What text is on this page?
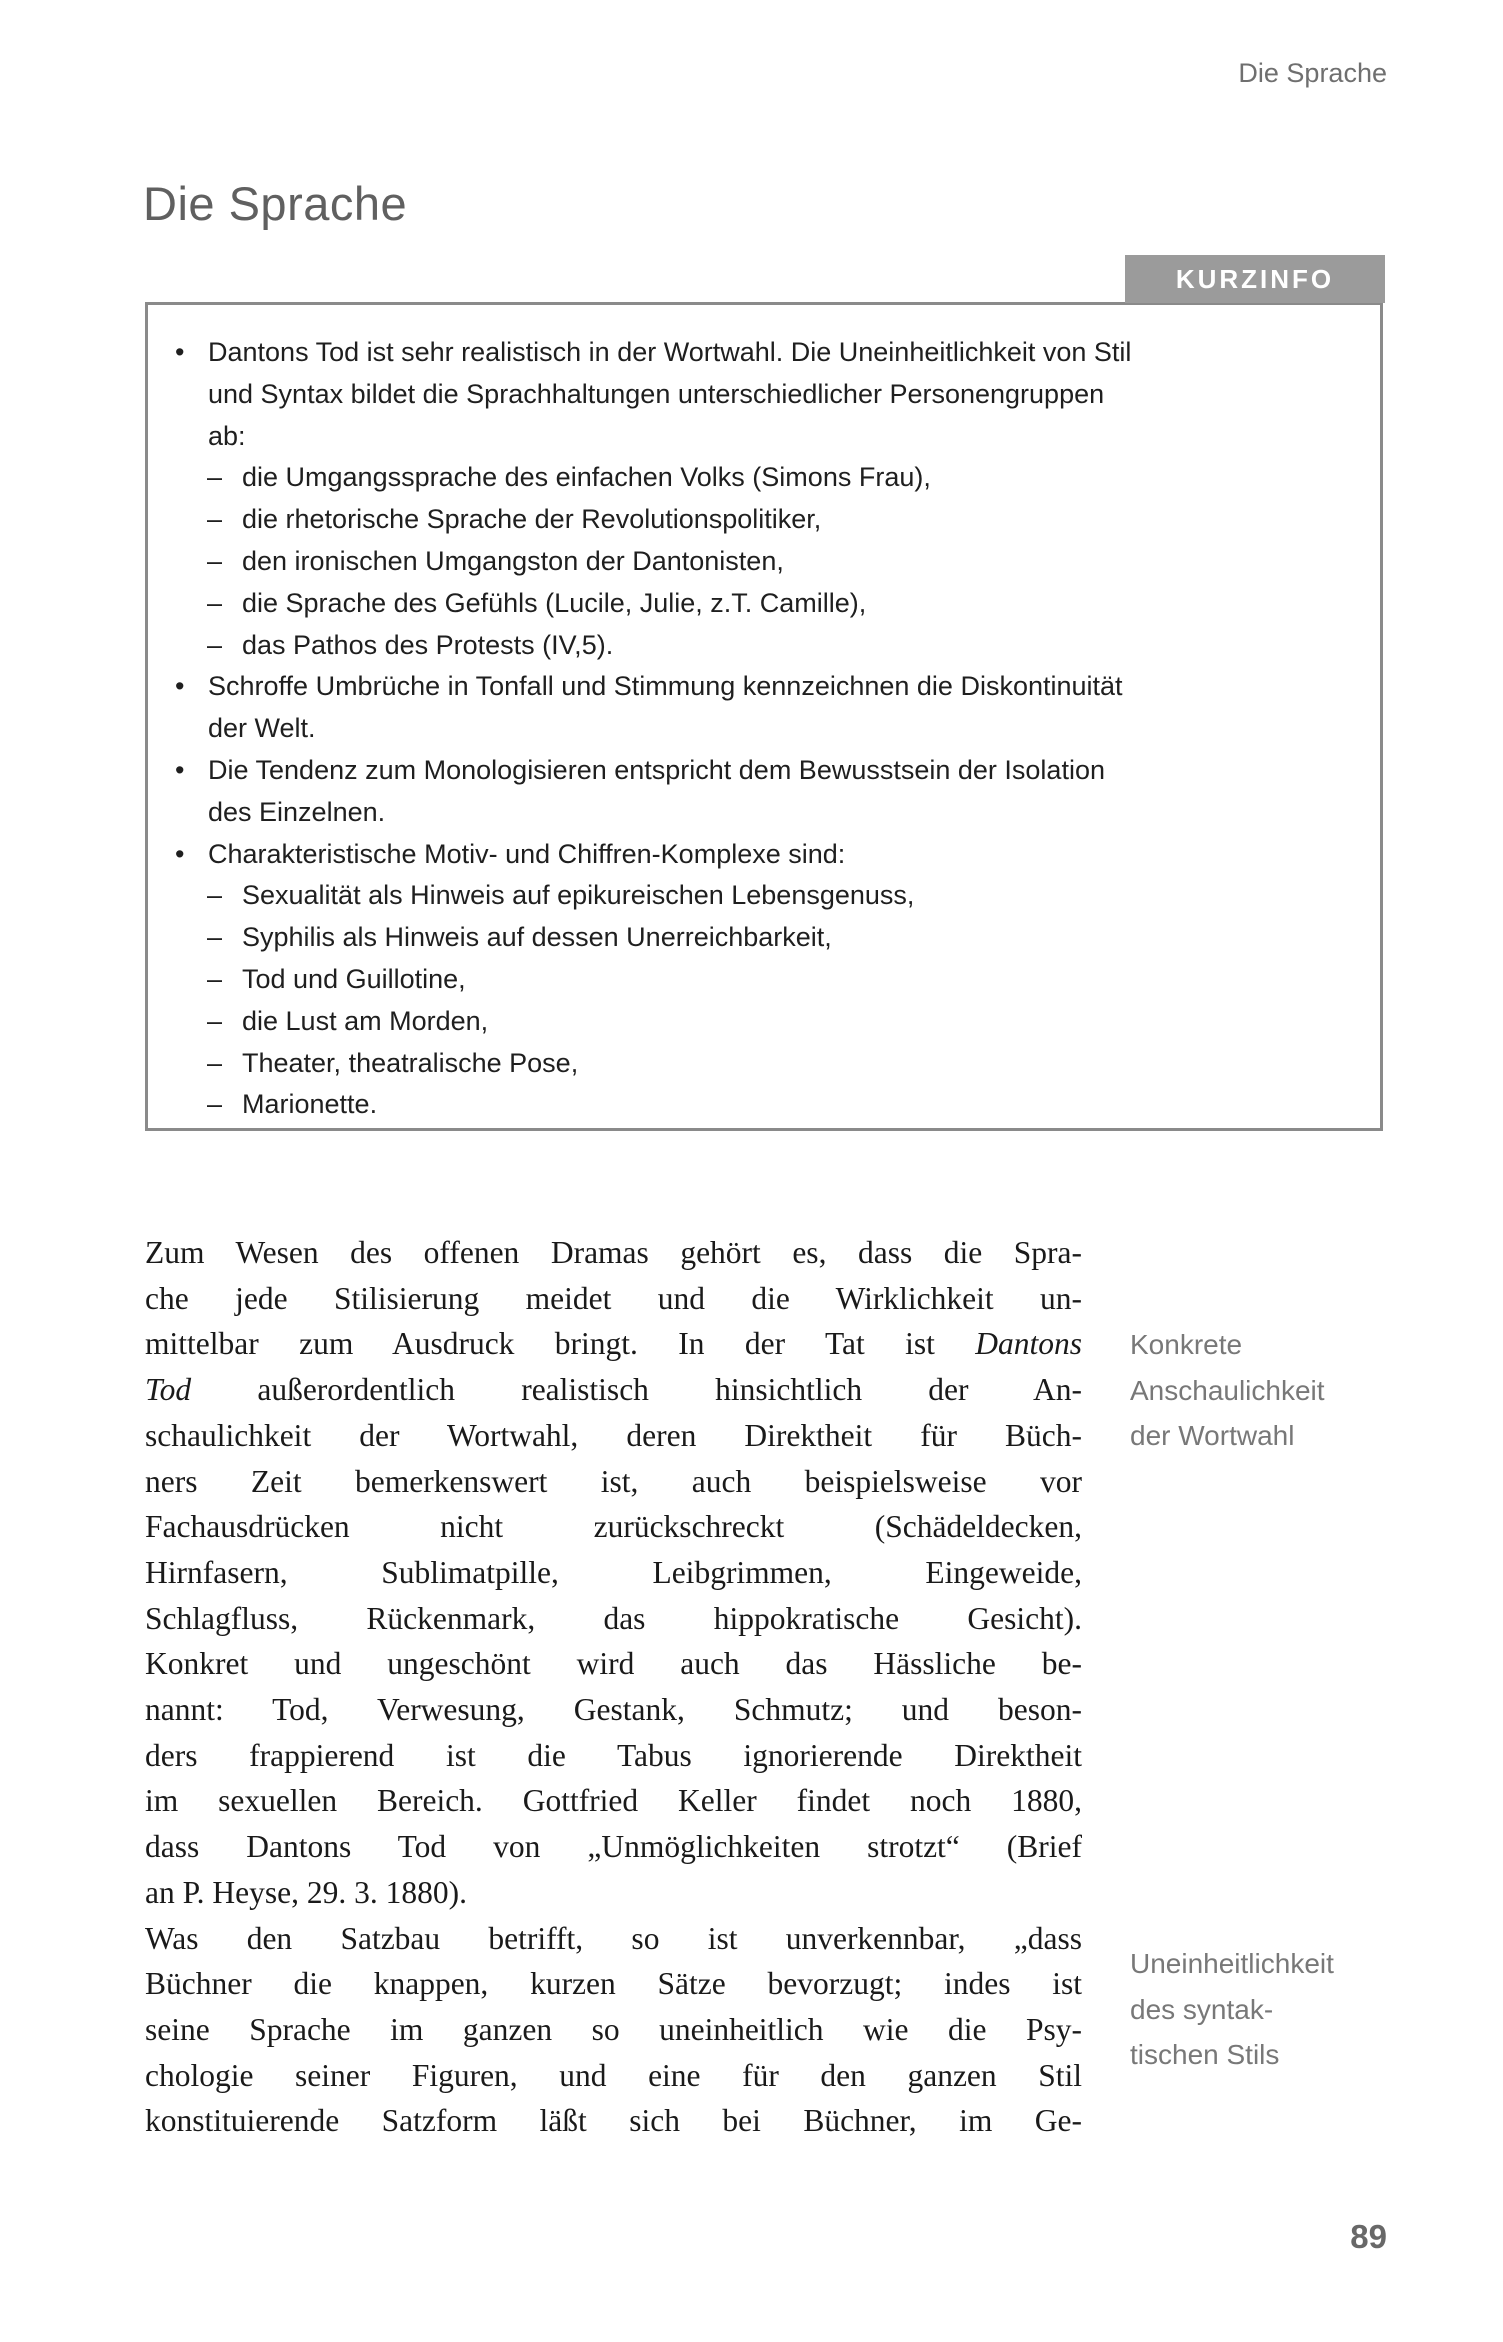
Die Sprache
Die Sprache
KURZINFO
• Dantons Tod ist sehr realistisch in der Wortwahl. Die Uneinheitlichkeit von Stil
und Syntax bildet die Sprachhaltungen unterschiedlicher Personengruppen
ab:
– die Umgangssprache des einfachen Volks (Simons Frau),
– die rhetorische Sprache der Revolutionspolitiker,
– den ironischen Umgangston der Dantonisten,
– die Sprache des Gefühls (Lucile, Julie, z.T. Camille),
– das Pathos des Protests (IV,5).
• Schroffe Umbrüche in Tonfall und Stimmung kennzeichnen die Diskontinuität
der Welt.
• Die Tendenz zum Monologisieren entspricht dem Bewusstsein der Isolation
des Einzelnen.
• Charakteristische Motiv- und Chiffren-Komplexe sind:
– Sexualität als Hinweis auf epikureischen Lebensgenuss,
– Syphilis als Hinweis auf dessen Unerreichbarkeit,
– Tod und Guillotine,
– die Lust am Morden,
– Theater, theatralische Pose,
– Marionette.
Zum Wesen des offenen Dramas gehört es, dass die Spra-
che jede Stilisierung meidet und die Wirklichkeit un-
mittelbar zum Ausdruck bringt. In der Tat ist Dantons
Tod außerordentlich realistisch hinsichtlich der An-
schaulichkeit der Wortwahl, deren Direktheit für Büch-
ners Zeit bemerkenswert ist, auch beispielsweise vor
Fachausdrücken nicht zurückschreckt (Schädeldecken,
Hirnfasern, Sublimatpille, Leibgrimmen, Eingeweide,
Schlagfluss, Rückenmark, das hippokratische Gesicht).
Konkret und ungeschönt wird auch das Hässliche be-
nannt: Tod, Verwesung, Gestank, Schmutz; und beson-
ders frappierend ist die Tabus ignorierende Direktheit
im sexuellen Bereich. Gottfried Keller findet noch 1880,
dass Dantons Tod von „Unmöglichkeiten strotzt“ (Brief
an P. Heyse, 29. 3. 1880).
Was den Satzbau betrifft, so ist unverkennbar, „dass
Büchner die knappen, kurzen Sätze bevorzugt; indes ist
seine Sprache im ganzen so uneinheitlich wie die Psy-
chologie seiner Figuren, und eine für den ganzen Stil
konstituierende Satzform läßt sich bei Büchner, im Ge-
Konkrete
Anschaulichkeit
der Wortwahl
Uneinheitlichkeit
des syntak-
tischen Stils
89
